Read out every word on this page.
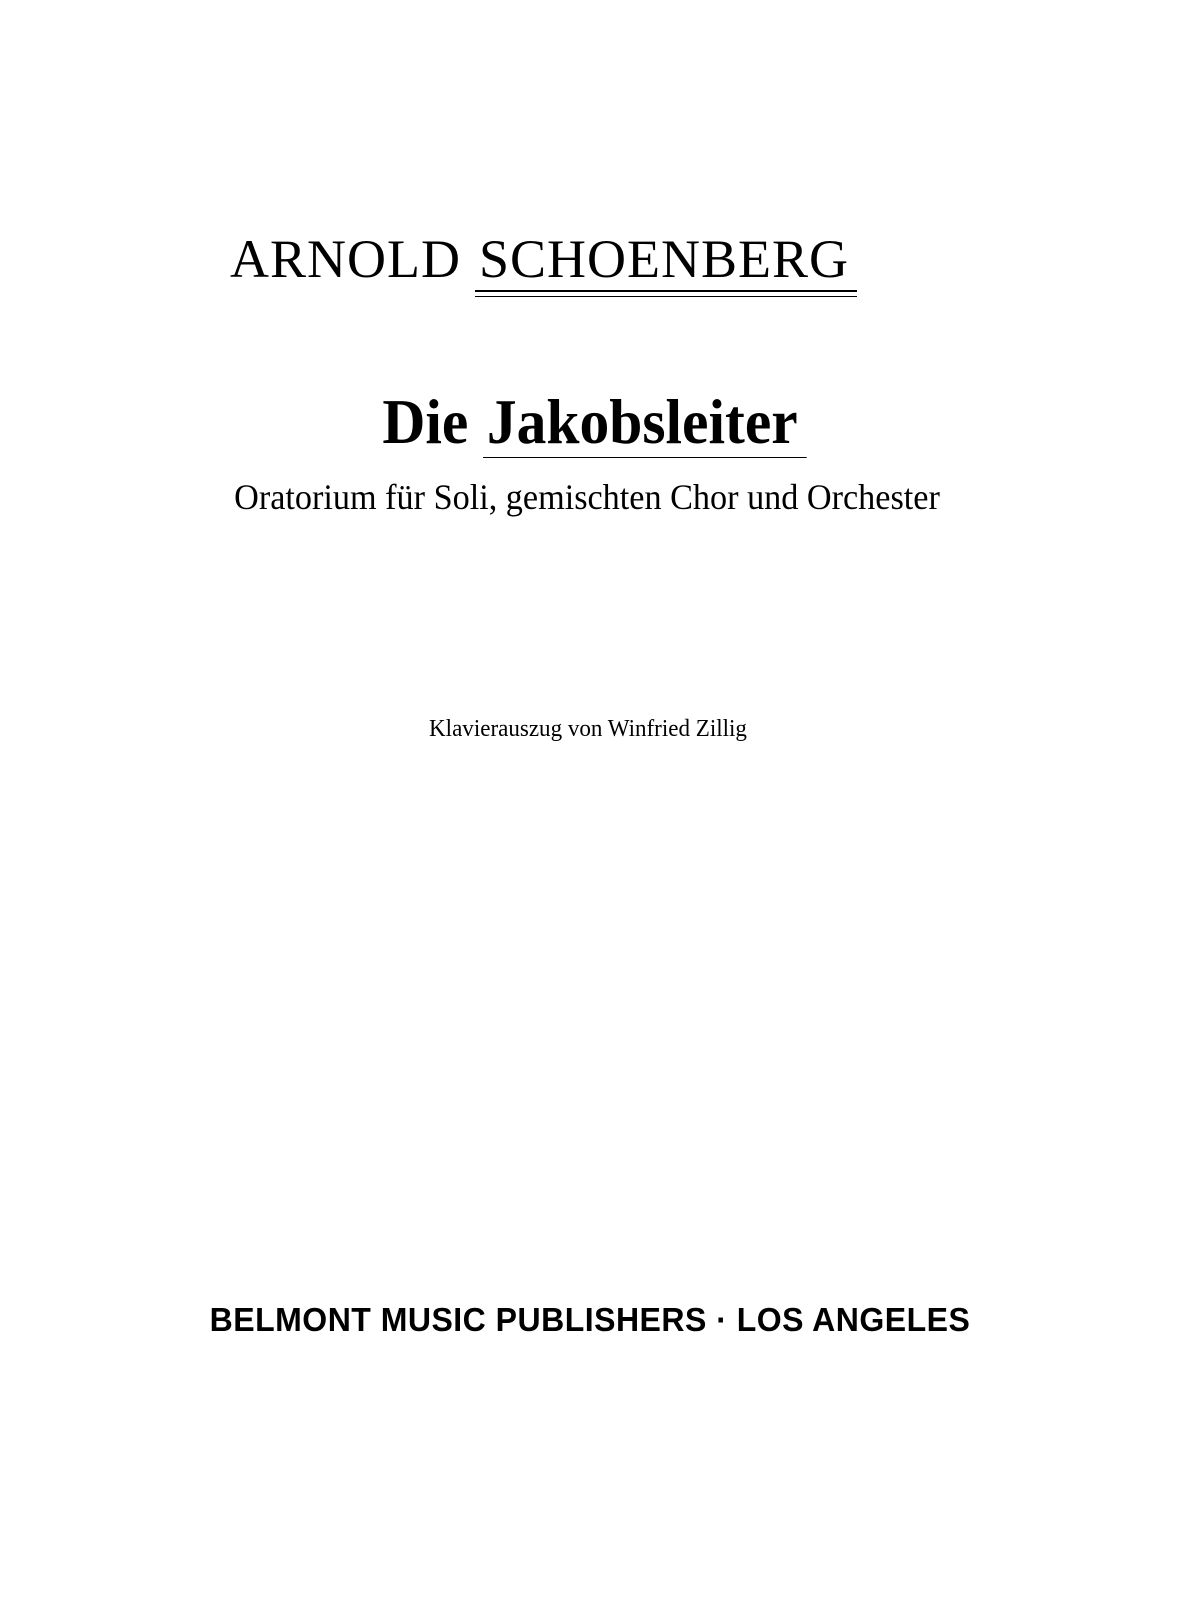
ARNOLD SCHOENBERG
Die Jakobsleiter
Oratorium für Soli, gemischten Chor und Orchester
Klavierauszug von Winfried Zillig
BELMONT MUSIC PUBLISHERS · LOS ANGELES
